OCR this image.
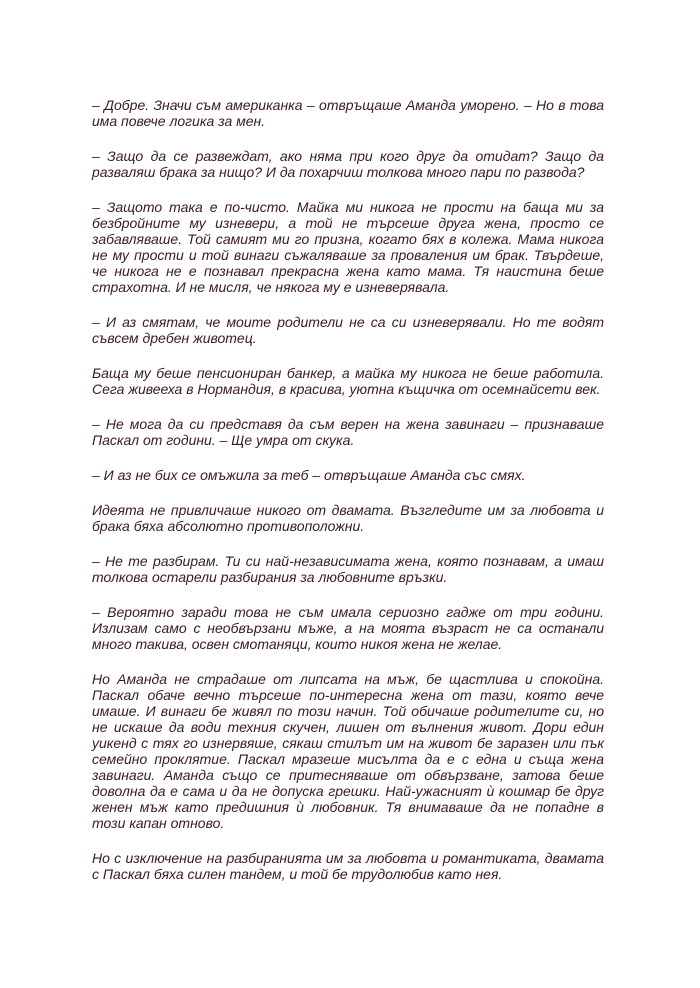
– Добре. Значи съм американка – отвръщаше Аманда уморено. – Но в това има повече логика за мен.

– Защо да се развеждат, ако няма при кого друг да отидат? Защо да разваляш брака за нищо? И да похарчиш толкова много пари по развода?

– Защото така е по-чисто. Майка ми никога не прости на баща ми за безбройните му изневери, а той не търсеше друга жена, просто се забавляваше. Той самият ми го призна, когато бях в колежа. Мама никога не му прости и той винаги съжаляваше за проваления им брак. Твърдеше, че никога не е познавал прекрасна жена като мама. Тя наистина беше страхотна. И не мисля, че някога му е изневерявала.

– И аз смятам, че моите родители не са си изневерявали. Но те водят съвсем дребен животец.

Баща му беше пенсиониран банкер, а майка му никога не беше работила. Сега живееха в Нормандия, в красива, уютна къщичка от осемнайсети век.

– Не мога да си представя да съм верен на жена завинаги – признаваше Паскал от години. – Ще умра от скука.

– И аз не бих се омъжила за теб – отвръщаше Аманда със смях.

Идеята не привличаше никого от двамата. Възгледите им за любовта и брака бяха абсолютно противоположни.

– Не те разбирам. Ти си най-независимата жена, която познавам, а имаш толкова остарели разбирания за любовните връзки.

– Вероятно заради това не съм имала сериозно гадже от три години. Излизам само с необвързани мъже, а на моята възраст не са останали много такива, освен смотаняци, които никоя жена не желае.

Но Аманда не страдаше от липсата на мъж, бе щастлива и спокойна. Паскал обаче вечно търсеше по-интересна жена от тази, която вече имаше. И винаги бе живял по този начин. Той обичаше родителите си, но не искаше да води техния скучен, лишен от вълнения живот. Дори един уикенд с тях го изнервяше, сякаш стилът им на живот бе заразен или пък семейно проклятие. Паскал мразеше мисълта да е с една и съща жена завинаги. Аманда също се притесняваше от обвързване, затова беше доволна да е сама и да не допуска грешки. Най-ужасният ѝ кошмар бе друг женен мъж като предишния ѝ любовник. Тя внимаваше да не попадне в този капан отново.

Но с изключение на разбиранията им за любовта и романтиката, двамата с Паскал бяха силен тандем, и той бе трудолюбив като нея.
